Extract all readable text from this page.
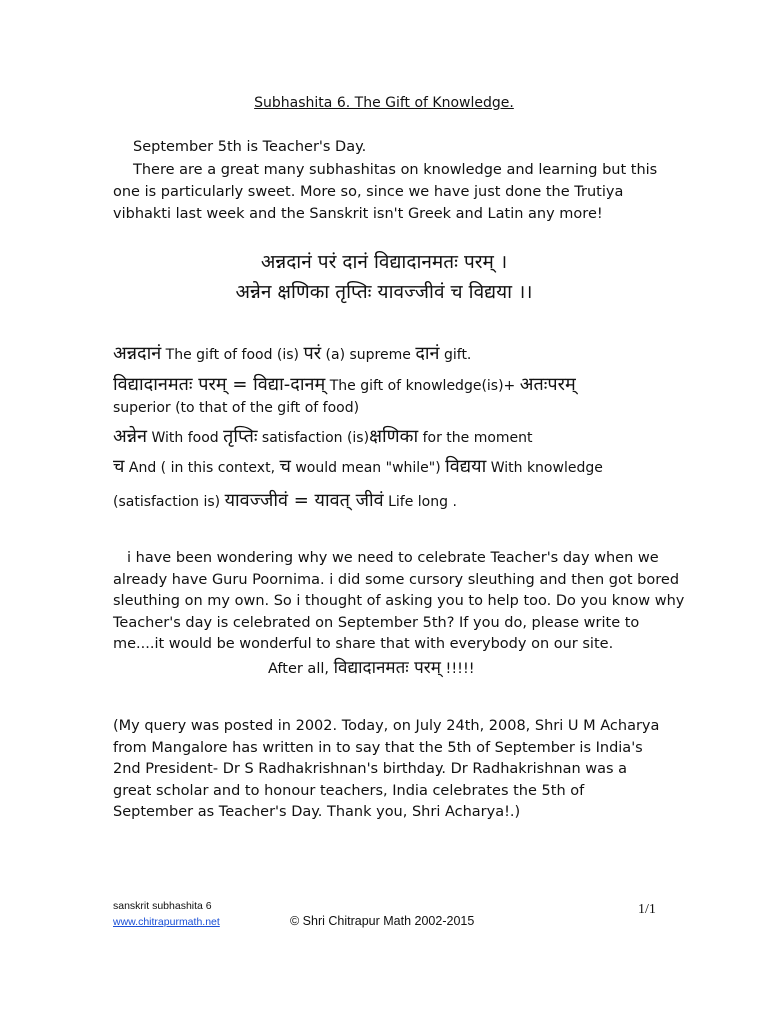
Subhashita 6. The Gift of Knowledge.
September 5th is Teacher's Day.
There are a great many subhashitas on knowledge and learning but this
one is particularly sweet. More so, since we have just done the Trutiya
vibhakti last week and the Sanskrit isn't Greek and Latin any more!
अन्नदानं परं दानं विद्यादानमतः परम् ।
अन्नेन क्षणिका तृप्तिः यावज्जीवं च विद्यया ।।
अन्नदानं The gift of food (is) परं (a) supreme दानं gift.
विद्यादानमतः परम् = विद्या-दानम् The gift of knowledge(is)+ अतःपरम्
superior (to that of the gift of food)
अन्नेन With food तृप्तिः satisfaction (is)क्षणिका for the moment
च And ( in this context, च would mean "while") विद्यया With knowledge
(satisfaction is) यावज्जीवं = यावत् जीवं Life long .
i have been wondering why we need to celebrate Teacher's day when we
already have Guru Poornima. i did some cursory sleuthing and then got bored
sleuthing on my own. So i thought of asking you to help too. Do you know why
Teacher's day is celebrated on September 5th? If you do, please write to
me....it would be wonderful to share that with everybody on our site.
After all, विद्यादानमतः परम् !!!!!
(My query was posted in 2002. Today, on July 24th, 2008, Shri U M Acharya
from Mangalore has written in to say that the 5th of September is India's
2nd President- Dr S Radhakrishnan's birthday. Dr Radhakrishnan was a
great scholar and to honour teachers, India celebrates the 5th of
September as Teacher's Day. Thank you, Shri Acharya!.)
sanskrit subhashita 6
www.chitrapurmath.net	© Shri Chitrapur Math 2002-2015
1/1
